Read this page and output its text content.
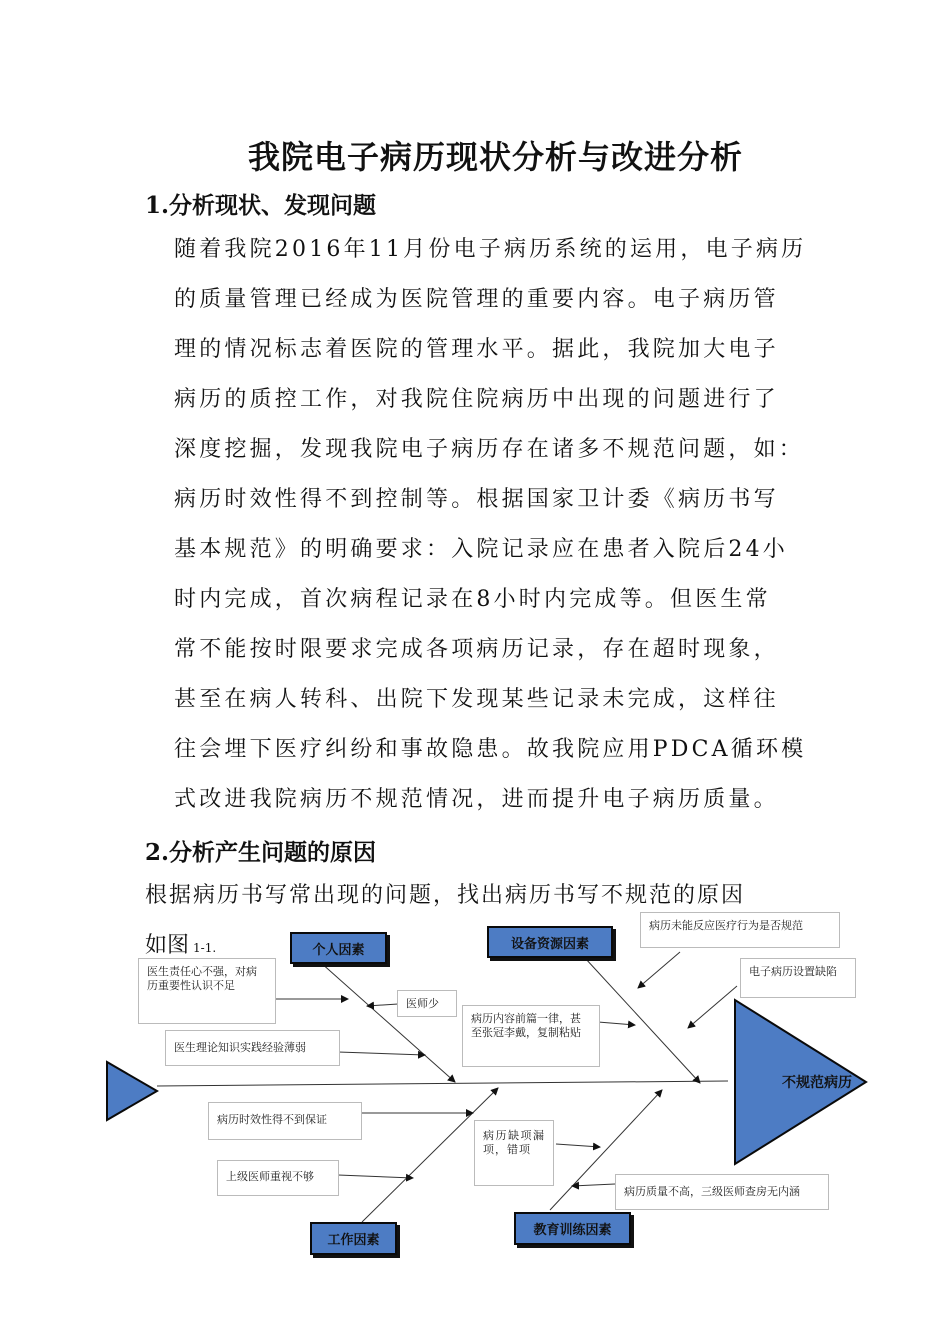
我院电子病历现状分析与改进分析
1.分析现状、发现问题
随着我院2016年11月份电子病历系统的运用，电子病历
的质量管理已经成为医院管理的重要内容。电子病历管
理的情况标志着医院的管理水平。据此，我院加大电子
病历的质控工作，对我院住院病历中出现的问题进行了
深度挖掘，发现我院电子病历存在诸多不规范问题，如：
病历时效性得不到控制等。根据国家卫计委《病历书写
基本规范》的明确要求：入院记录应在患者入院后24小
时内完成，首次病程记录在8小时内完成等。但医生常
常不能按时限要求完成各项病历记录，存在超时现象，
甚至在病人转科、出院下发现某些记录未完成，这样往
往会埋下医疗纠纷和事故隐患。故我院应用PDCA循环模
式改进我院病历不规范情况，进而提升电子病历质量。
2.分析产生问题的原因
根据病历书写常出现的问题，找出病历书写不规范的原因
如图 1-1.	个人因素	设备资源因素
工作因素
教育训练因素
医生责任心不强，对病历重要性认识不足
医生理论知识实践经验薄弱
医师少
病历内容前篇一律，甚至张冠李戴，复制粘贴
病历未能反应医疗行为是否规范
电子病历设置缺陷
病历时效性得不到保证
上级医师重视不够
病历缺项漏项，错项
病历质量不高，三级医师查房无内涵
不规范病历
